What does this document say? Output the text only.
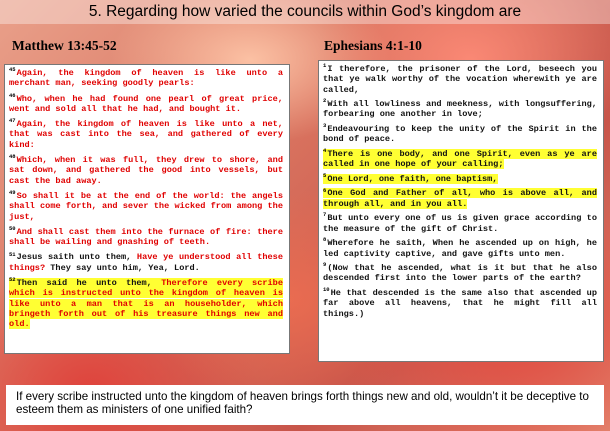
5. Regarding how varied the councils within God’s kingdom are
Matthew 13:45-52	Ephesians 4:1-10
$^{45}$Again, the kingdom of heaven is like unto a merchant man, seeking goodly pearls:
$^{46}$Who, when he had found one pearl of great price, went and sold all that he had, and bought it.
$^{47}$Again, the kingdom of heaven is like unto a net, that was cast into the sea, and gathered of every kind:
$^{48}$Which, when it was full, they drew to shore, and sat down, and gathered the good into vessels, but cast the bad away.
$^{49}$So shall it be at the end of the world: the angels shall come forth, and sever the wicked from among the just,
$^{50}$And shall cast them into the furnace of fire: there shall be wailing and gnashing of teeth.
$^{51}$Jesus saith unto them, Have ye understood all these things? They say unto him, Yea, Lord.
$^{52}$Then said he unto them, Therefore every scribe which is instructed unto the kingdom of heaven is like unto a man that is an householder, which bringeth forth out of his treasure things new and old.
$^1$I therefore, the prisoner of the Lord, beseech you that ye walk worthy of the vocation wherewith ye are called,
$^2$With all lowliness and meekness, with longsuffering, forbearing one another in love;
$^3$Endeavouring to keep the unity of the Spirit in the bond of peace.
$^4$There is one body, and one Spirit, even as ye are called in one hope of your calling;
$^5$One Lord, one faith, one baptism,
$^6$One God and Father of all, who is above all, and through all, and in you all.
$^7$But unto every one of us is given grace according to the measure of the gift of Christ.
$^8$Wherefore he saith, When he ascended up on high, he led captivity captive, and gave gifts unto men.
$^9$(Now that he ascended, what is it but that he also descended first into the lower parts of the earth?
$^{10}$He that descended is the same also that ascended up far above all heavens, that he might fill all things.)
If every scribe instructed unto the kingdom of heaven brings forth things new and old, wouldn’t it be deceptive to esteem them as ministers of one unified faith?
